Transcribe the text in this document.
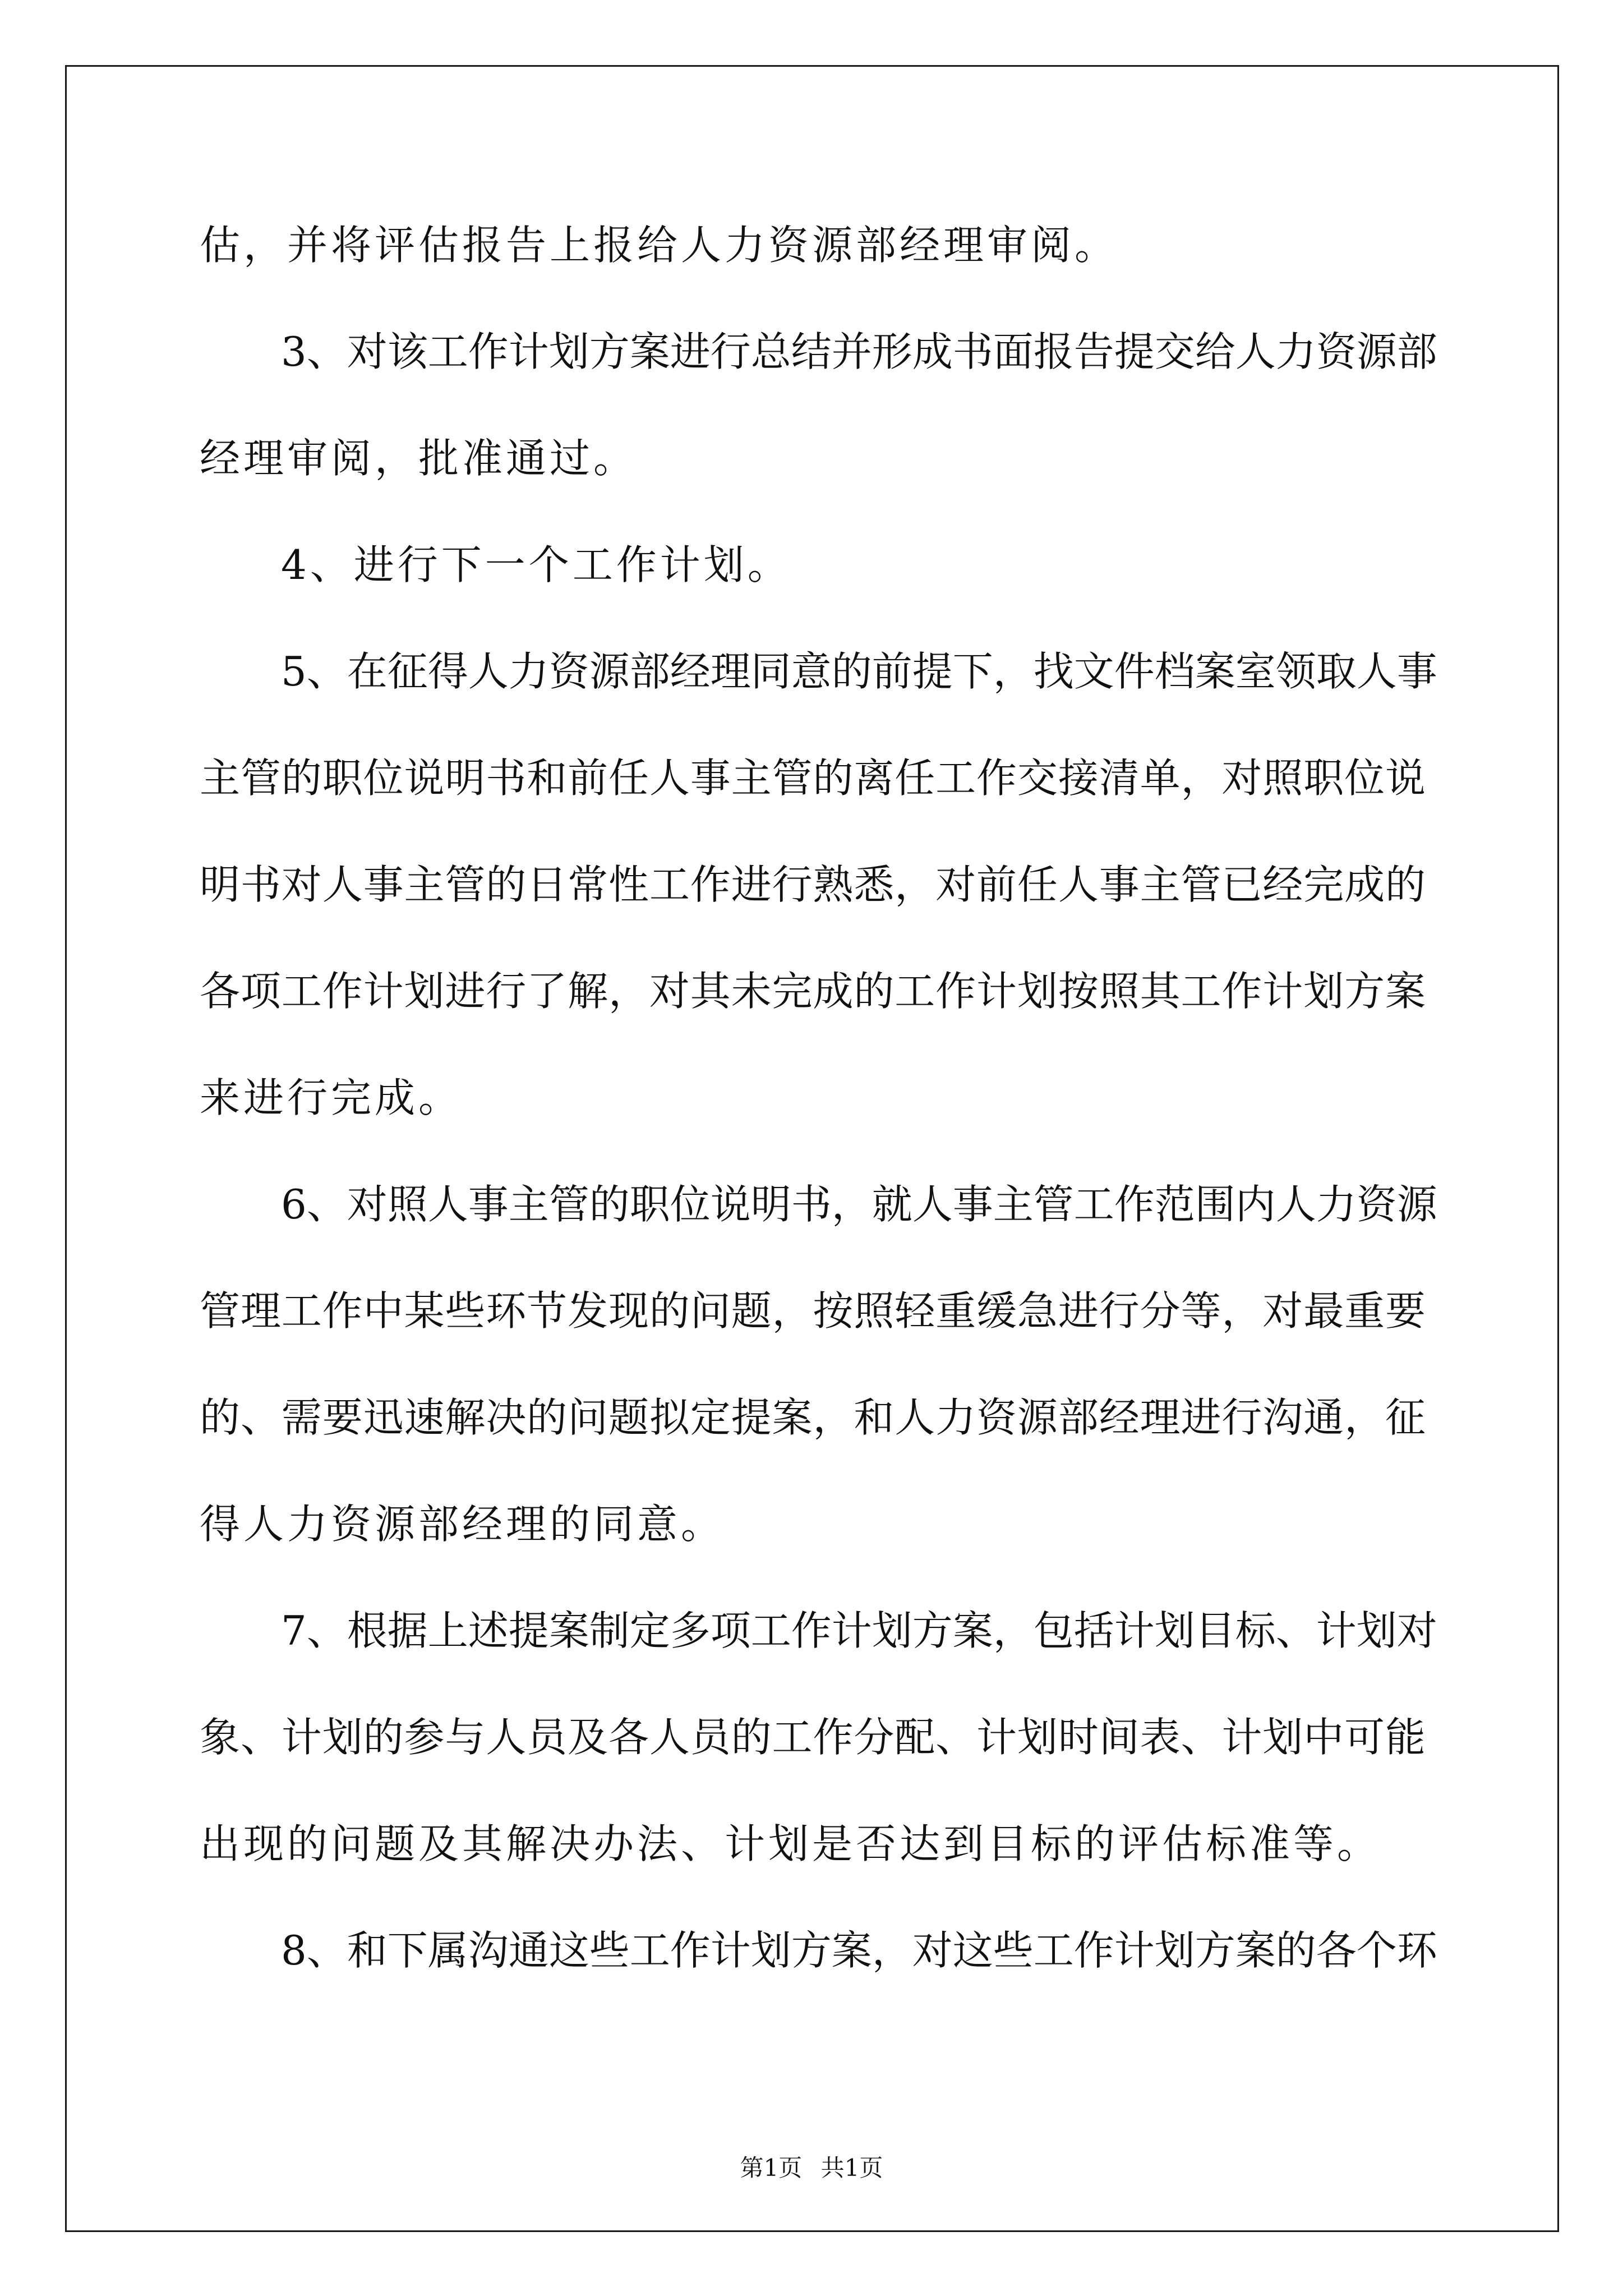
估，并将评估报告上报给人力资源部经理审阅。
3、对该工作计划方案进行总结并形成书面报告提交给人力资源部
经理审阅，批准通过。
4、进行下一个工作计划。
5、在征得人力资源部经理同意的前提下，找文件档案室领取人事
主管的职位说明书和前任人事主管的离任工作交接清单，对照职位说
明书对人事主管的日常性工作进行熟悉，对前任人事主管已经完成的
各项工作计划进行了解，对其未完成的工作计划按照其工作计划方案
来进行完成。
6、对照人事主管的职位说明书，就人事主管工作范围内人力资源
管理工作中某些环节发现的问题，按照轻重缓急进行分等，对最重要
的、需要迅速解决的问题拟定提案，和人力资源部经理进行沟通，征
得人力资源部经理的同意。
7、根据上述提案制定多项工作计划方案，包括计划目标、计划对
象、计划的参与人员及各人员的工作分配、计划时间表、计划中可能
出现的问题及其解决办法、计划是否达到目标的评估标准等。
8、和下属沟通这些工作计划方案，对这些工作计划方案的各个环
第1页 共1页
